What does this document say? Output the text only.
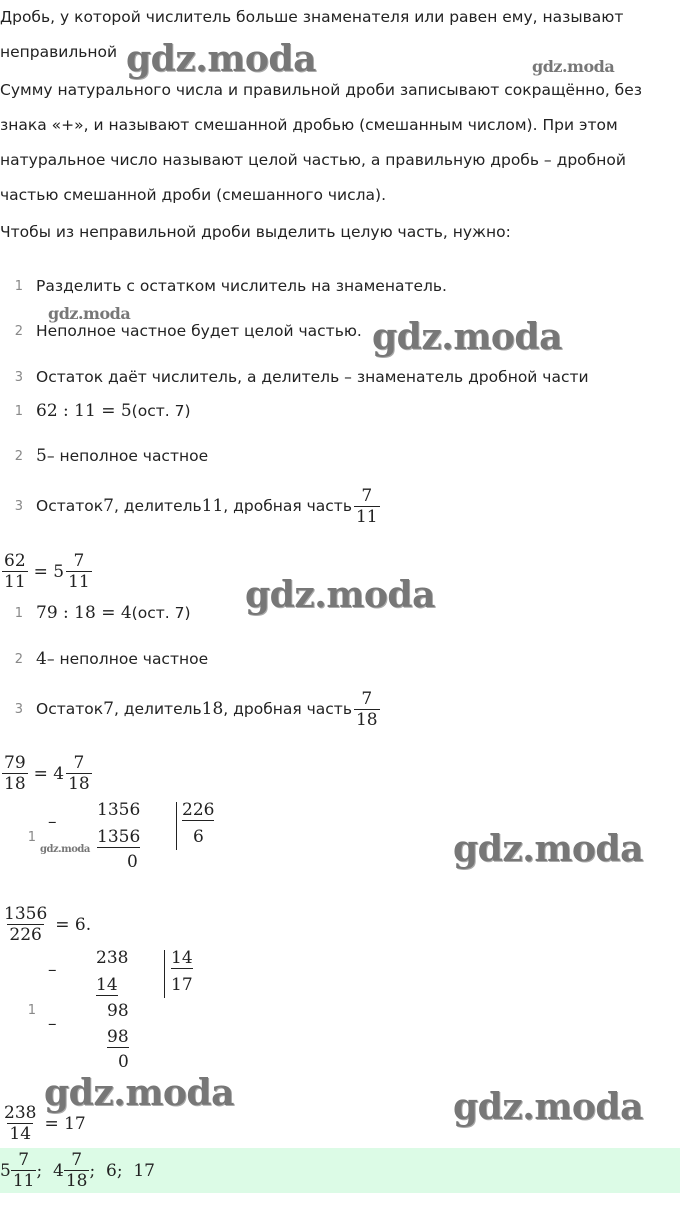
Дробь, у которой числитель больше знаменателя или равен ему, называют
неправильной
Сумму натурального числа и правильной дроби записывают сокращённо, без знака «+», и называют смешанной дробью (смешанным числом). При этом натуральное число называют целой частью, а правильную дробь – дробной частью смешанной дроби (смешанного числа).
Чтобы из неправильной дроби выделить целую часть, нужно:
1 Разделить с остатком числитель на знаменатель.
2 Неполное частное будет целой частью.
3 Остаток даёт числитель, а делитель – знаменатель дробной части
1 62 : 11 = 5 (ост. 7)
2 5 – неполное частное
3 Остаток 7 , делитель 11 , дробная часть $\frac{7}{11}$
$\frac{62}{11} = 5 \frac{7}{11}$
1 79 : 18 = 4 (ост. 7)
2 4 – неполное частное
3 Остаток 7 , делитель 18 , дробная часть $\frac{7}{18}$
$\frac{79}{18} = 4 \frac{7}{18}$
1
–
1356
1356
0
226
6
$\frac{1356}{226} = 6$.
1
–
–
238
14
98
98
0
14
17
$\frac{238}{14} = 17$
$5 \frac{7}{11}$ ;  $4 \frac{7}{18}$ ;  6;  17
gdz.moda	gdz.moda
gdz.moda
gdz.moda
gdz.moda
gdz.moda	gdz.moda
gdz.moda	gdz.moda
